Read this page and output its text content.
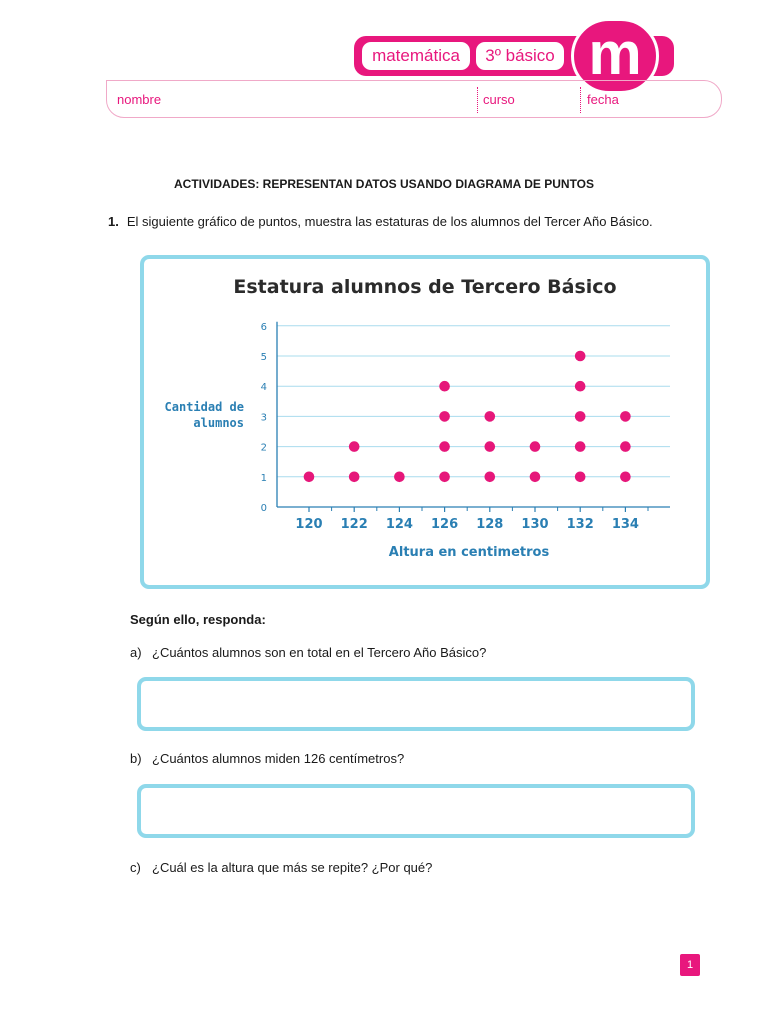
matemática	3º básico m
nombre	curso	fecha
ACTIVIDADES: REPRESENTAN DATOS USANDO DIAGRAMA DE PUNTOS
1. El siguiente gráfico de puntos, muestra las estaturas de los alumnos del Tercer Año Básico.
Estatura alumnos de Tercero Básico
0
1
2
3
4
5
6
Cantidad de
alumnos
120 122 124 126 128 130 132 134
Altura en centimetros
Según ello, responda:
a) ¿Cuántos alumnos son en total en el Tercero Año Básico?
b) ¿Cuántos alumnos miden 126 centímetros?
c) ¿Cuál es la altura que más se repite? ¿Por qué?
1
